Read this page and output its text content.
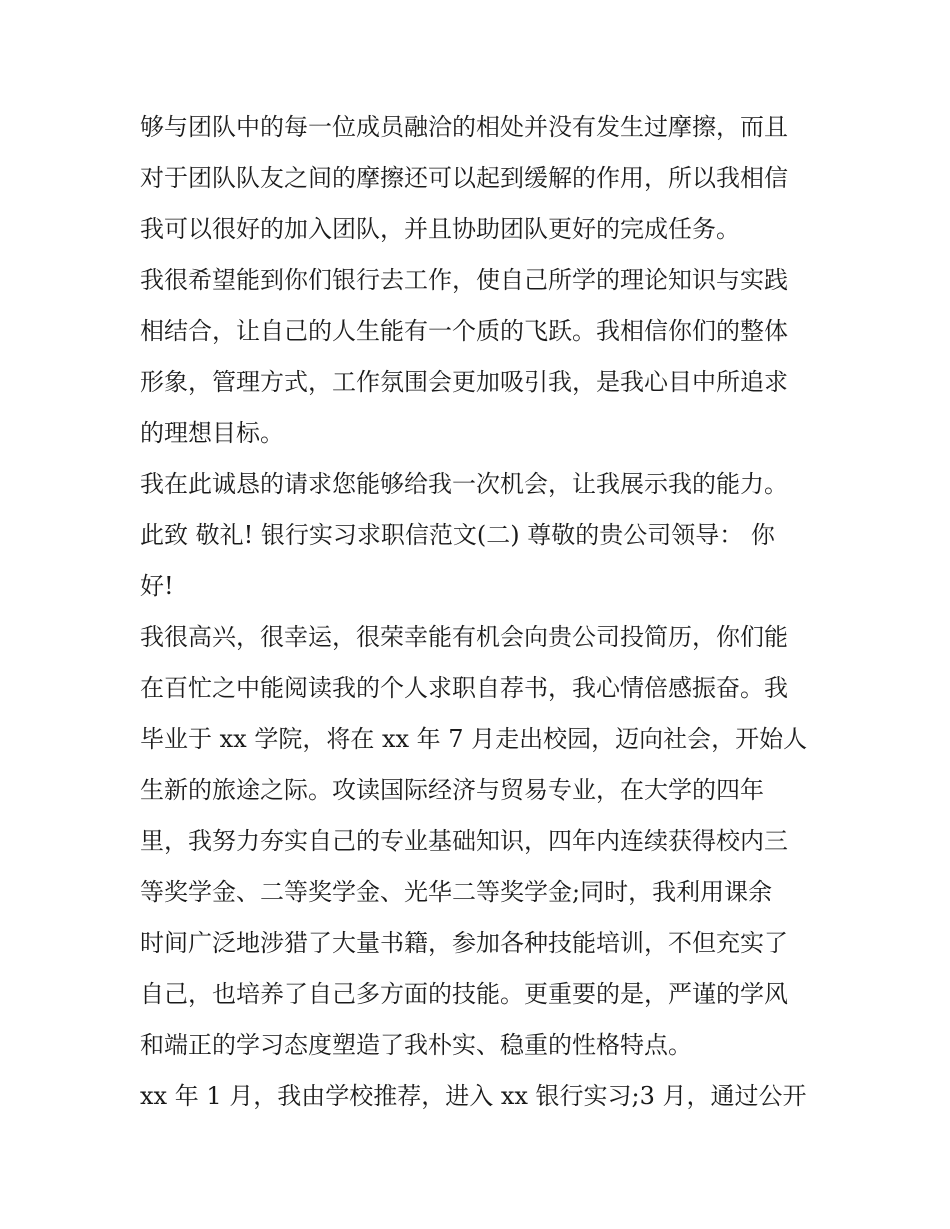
够与团队中的每一位成员融洽的相处并没有发生过摩擦，而且
对于团队队友之间的摩擦还可以起到缓解的作用，所以我相信
我可以很好的加入团队，并且协助团队更好的完成任务。
我很希望能到你们银行去工作，使自己所学的理论知识与实践
相结合，让自己的人生能有一个质的飞跃。我相信你们的整体
形象，管理方式，工作氛围会更加吸引我，是我心目中所追求
的理想目标。
我在此诚恳的请求您能够给我一次机会，让我展示我的能力。
此致 敬礼! 银行实习求职信范文(二) 尊敬的贵公司领导： 你
好!
我很高兴，很幸运，很荣幸能有机会向贵公司投简历，你们能
在百忙之中能阅读我的个人求职自荐书，我心情倍感振奋。我
毕业于 xx 学院，将在 xx 年 7 月走出校园，迈向社会，开始人
生新的旅途之际。攻读国际经济与贸易专业，在大学的四年
里，我努力夯实自己的专业基础知识，四年内连续获得校内三
等奖学金、二等奖学金、光华二等奖学金;同时，我利用课余
时间广泛地涉猎了大量书籍，参加各种技能培训，不但充实了
自己，也培养了自己多方面的技能。更重要的是，严谨的学风
和端正的学习态度塑造了我朴实、稳重的性格特点。
xx 年 1 月，我由学校推荐，进入 xx 银行实习;3 月，通过公开
